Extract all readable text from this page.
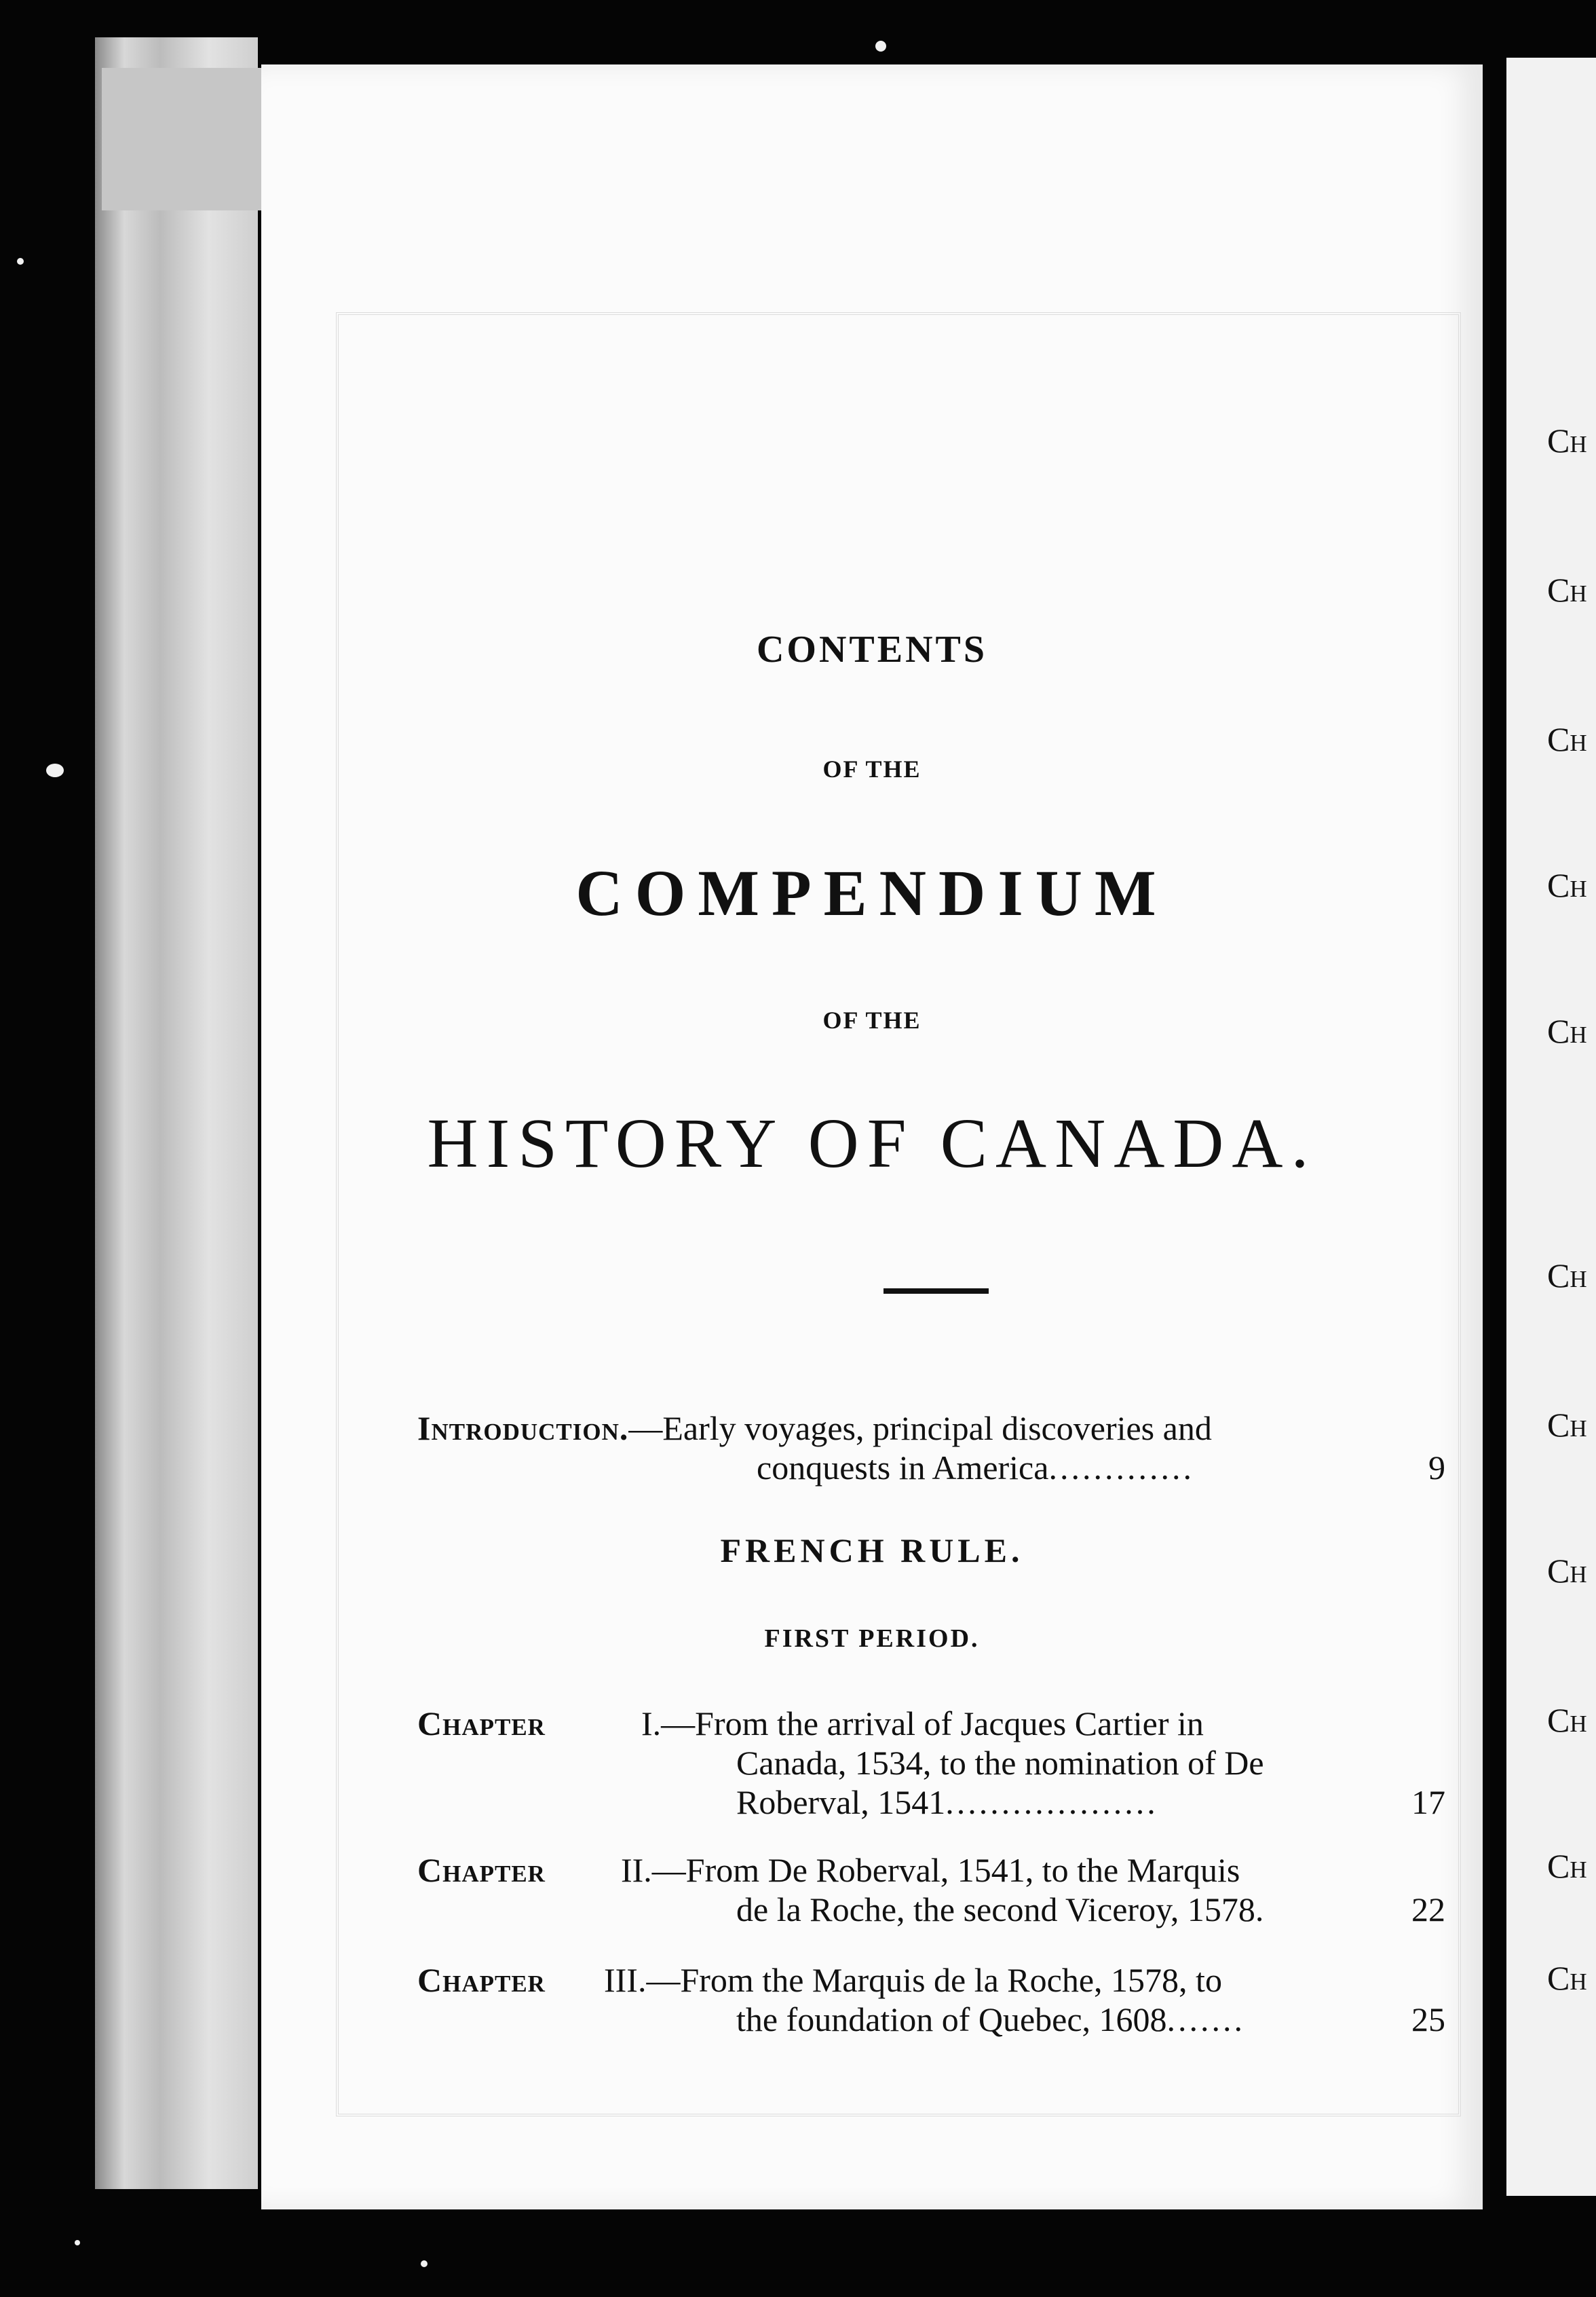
Ch
Ch
Ch
Ch
Ch
Ch
Ch
Ch
Ch
Ch
Ch
CONTENTS
OF THE
COMPENDIUM
OF THE
HISTORY OF CANADA.
Introduction.—Early voyages, principal discoveries and
conquests in America.............	9
FRENCH RULE.
FIRST PERIOD.
Chapter	I.—From the arrival of Jacques Cartier in
Canada, 1534, to the nomination of De
Roberval, 1541...................	17
Chapter	II.—From De Roberval, 1541, to the Marquis
de la Roche, the second Viceroy, 1578.	22
Chapter	III.—From the Marquis de la Roche, 1578, to
the foundation of Quebec, 1608.......	25
